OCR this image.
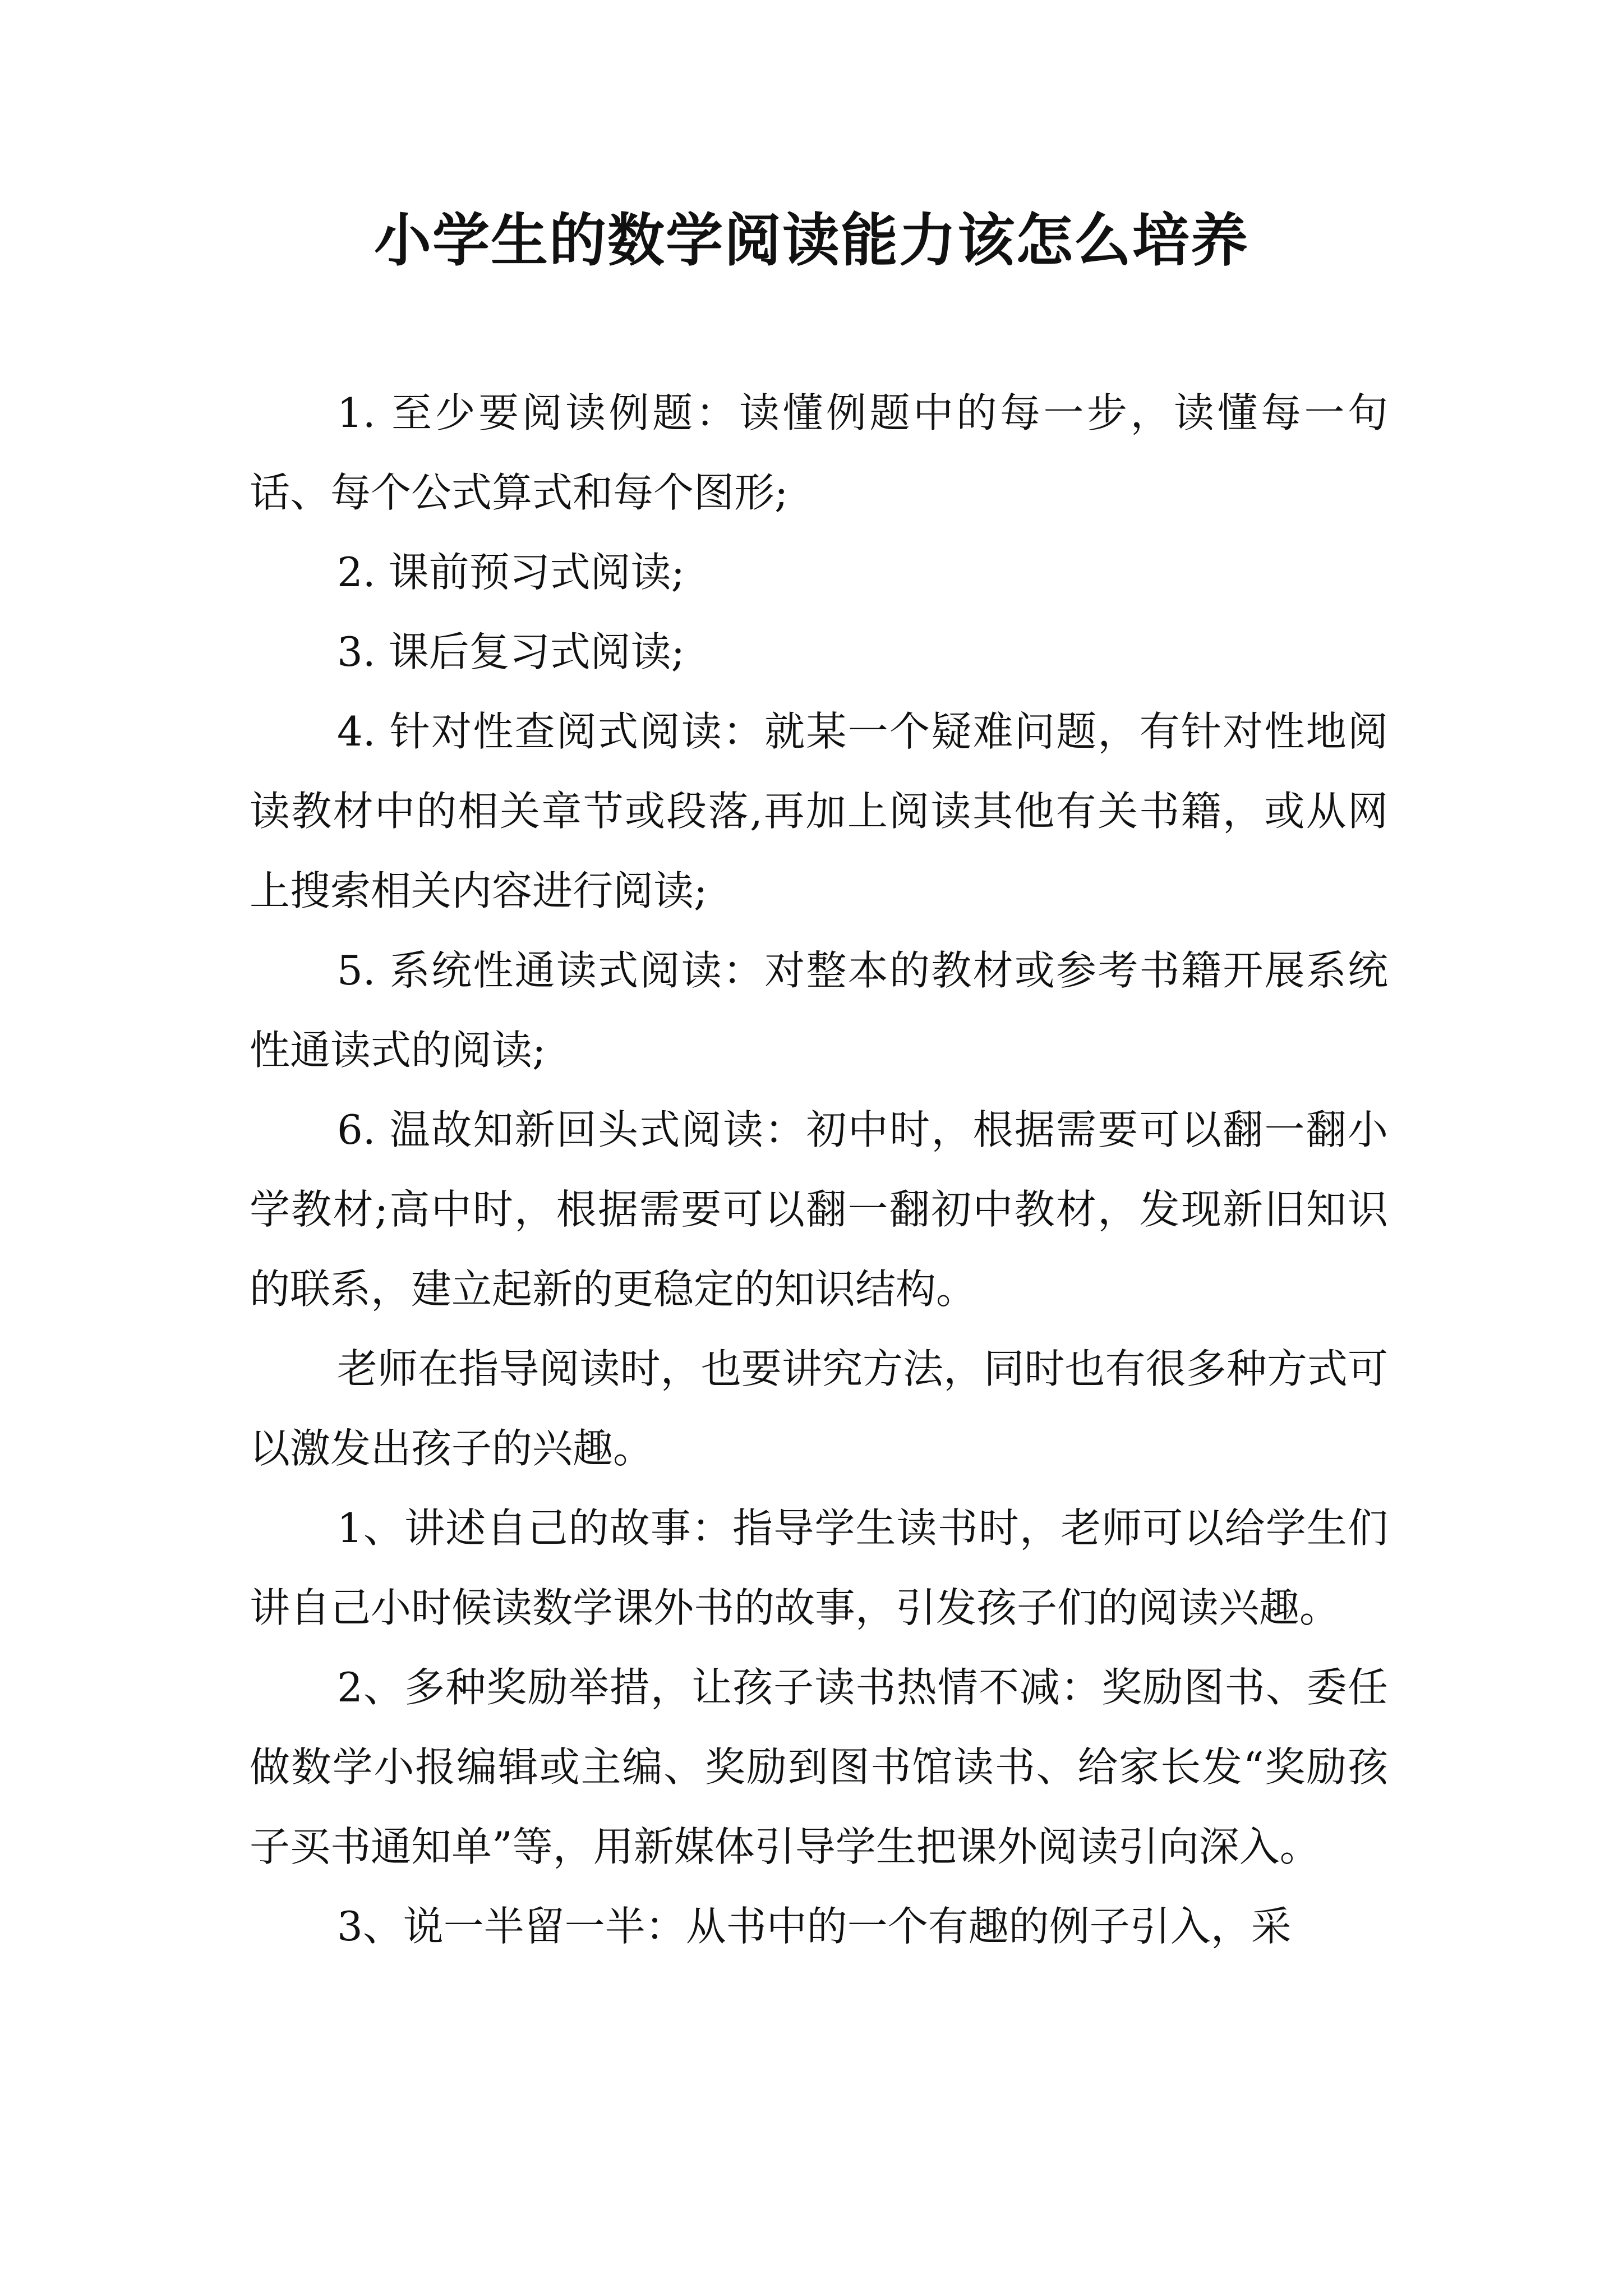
小学生的数学阅读能力该怎么培养

1. 至少要阅读例题：读懂例题中的每一步，读懂每一句话、每个公式算式和每个图形;

2. 课前预习式阅读;

3. 课后复习式阅读;

4. 针对性查阅式阅读：就某一个疑难问题，有针对性地阅读教材中的相关章节或段落,再加上阅读其他有关书籍，或从网上搜索相关内容进行阅读;

5. 系统性通读式阅读：对整本的教材或参考书籍开展系统性通读式的阅读;

6. 温故知新回头式阅读：初中时，根据需要可以翻一翻小学教材;高中时，根据需要可以翻一翻初中教材，发现新旧知识的联系，建立起新的更稳定的知识结构。

老师在指导阅读时，也要讲究方法，同时也有很多种方式可以激发出孩子的兴趣。

1、讲述自己的故事：指导学生读书时，老师可以给学生们讲自己小时候读数学课外书的故事，引发孩子们的阅读兴趣。

2、多种奖励举措，让孩子读书热情不减：奖励图书、委任做数学小报编辑或主编、奖励到图书馆读书、给家长发“奖励孩子买书通知单”等，用新媒体引导学生把课外阅读引向深入。

3、说一半留一半：从书中的一个有趣的例子引入，采
